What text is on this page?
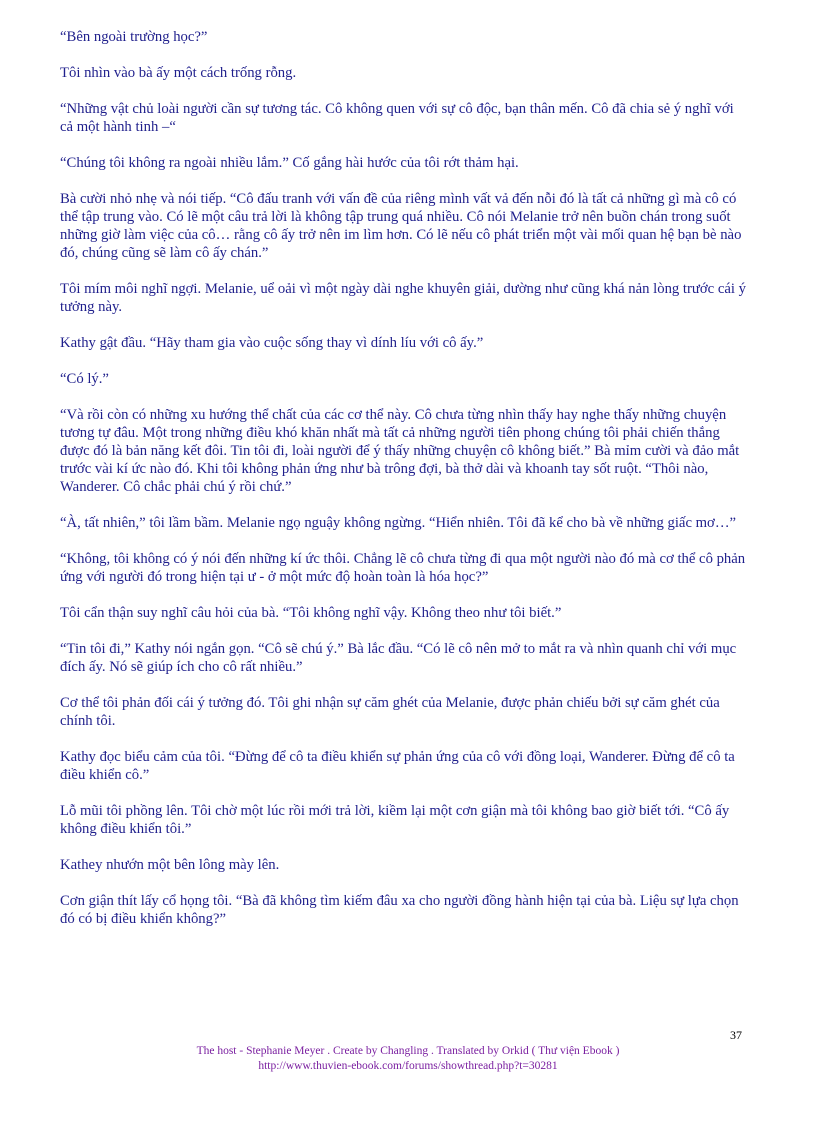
“Bên ngoài trường học?”

Tôi nhìn vào bà ấy một cách trống rỗng.

“Những vật chủ loài người cần sự tương tác. Cô không quen với sự cô độc, bạn thân mến. Cô đã chia sẻ ý nghĩ với cả một hành tinh –“

“Chúng tôi không ra ngoài nhiều lắm.” Cố gắng hài hước của tôi rớt thảm hại.

Bà cười nhỏ nhẹ và nói tiếp. “Cô đấu tranh với vấn đề của riêng mình vất vả đến nỗi đó là tất cả những gì mà cô có thể tập trung vào. Có lẽ một câu trả lời là không tập trung quá nhiều. Cô nói Melanie trở nên buồn chán trong suốt những giờ làm việc của cô… rằng cô ấy trở nên im lìm hơn. Có lẽ nếu cô phát triển một vài mối quan hệ bạn bè nào đó, chúng cũng sẽ làm cô ấy chán.”

Tôi mím môi nghĩ ngợi. Melanie, uể oải vì một ngày dài nghe khuyên giải, dường như cũng khá nản lòng trước cái ý tưởng này.

Kathy gật đầu. “Hãy tham gia vào cuộc sống thay vì dính líu với cô ấy.”

“Có lý.”

“Và rồi còn có những xu hướng thể chất của các cơ thể này. Cô chưa từng nhìn thấy hay nghe thấy những chuyện tương tự đâu. Một trong những điều khó khăn nhất mà tất cả những người tiên phong chúng tôi phải chiến thắng được đó là bản năng kết đôi. Tin tôi đi, loài người để ý thấy những chuyện cô không biết.” Bà mỉm cười và đảo mắt trước vài kí ức nào đó. Khi tôi không phản ứng như bà trông đợi, bà thở dài và khoanh tay sốt ruột. “Thôi nào, Wanderer. Cô chắc phải chú ý rồi chứ.”

“À, tất nhiên,” tôi lầm bầm. Melanie ngọ nguậy không ngừng. “Hiển nhiên. Tôi đã kể cho bà về những giấc mơ…”

“Không, tôi không có ý nói đến những kí ức thôi. Chẳng lẽ cô chưa từng đi qua một người nào đó mà cơ thể cô phản ứng với người đó trong hiện tại ư - ở một mức độ hoàn toàn là hóa học?”

Tôi cẩn thận suy nghĩ câu hỏi của bà. “Tôi không nghĩ vậy. Không theo như tôi biết.”

“Tin tôi đi,” Kathy nói ngắn gọn. “Cô sẽ chú ý.” Bà lắc đầu. “Có lẽ cô nên mở to mắt ra và nhìn quanh chỉ với mục đích ấy. Nó sẽ giúp ích cho cô rất nhiều.”

Cơ thể tôi phản đối cái ý tưởng đó. Tôi ghi nhận sự căm ghét của Melanie, được phản chiếu bởi sự căm ghét của chính tôi.

Kathy đọc biểu cảm của tôi. “Đừng để cô ta điều khiển sự phản ứng của cô với đồng loại, Wanderer. Đừng để cô ta điều khiển cô.”

Lỗ mũi tôi phồng lên. Tôi chờ một lúc rồi mới trả lời, kiềm lại một cơn giận mà tôi không bao giờ biết tới. “Cô ấy không điều khiển tôi.”

Kathey nhướn một bên lông mày lên.

Cơn giận thít lấy cổ họng tôi. “Bà đã không tìm kiếm đâu xa cho người đồng hành hiện tại của bà. Liệu sự lựa chọn đó có bị điều khiển không?”

37
The host - Stephanie Meyer . Create by Changling . Translated by Orkid ( Thư viện Ebook )
http://www.thuvien-ebook.com/forums/showthread.php?t=30281
